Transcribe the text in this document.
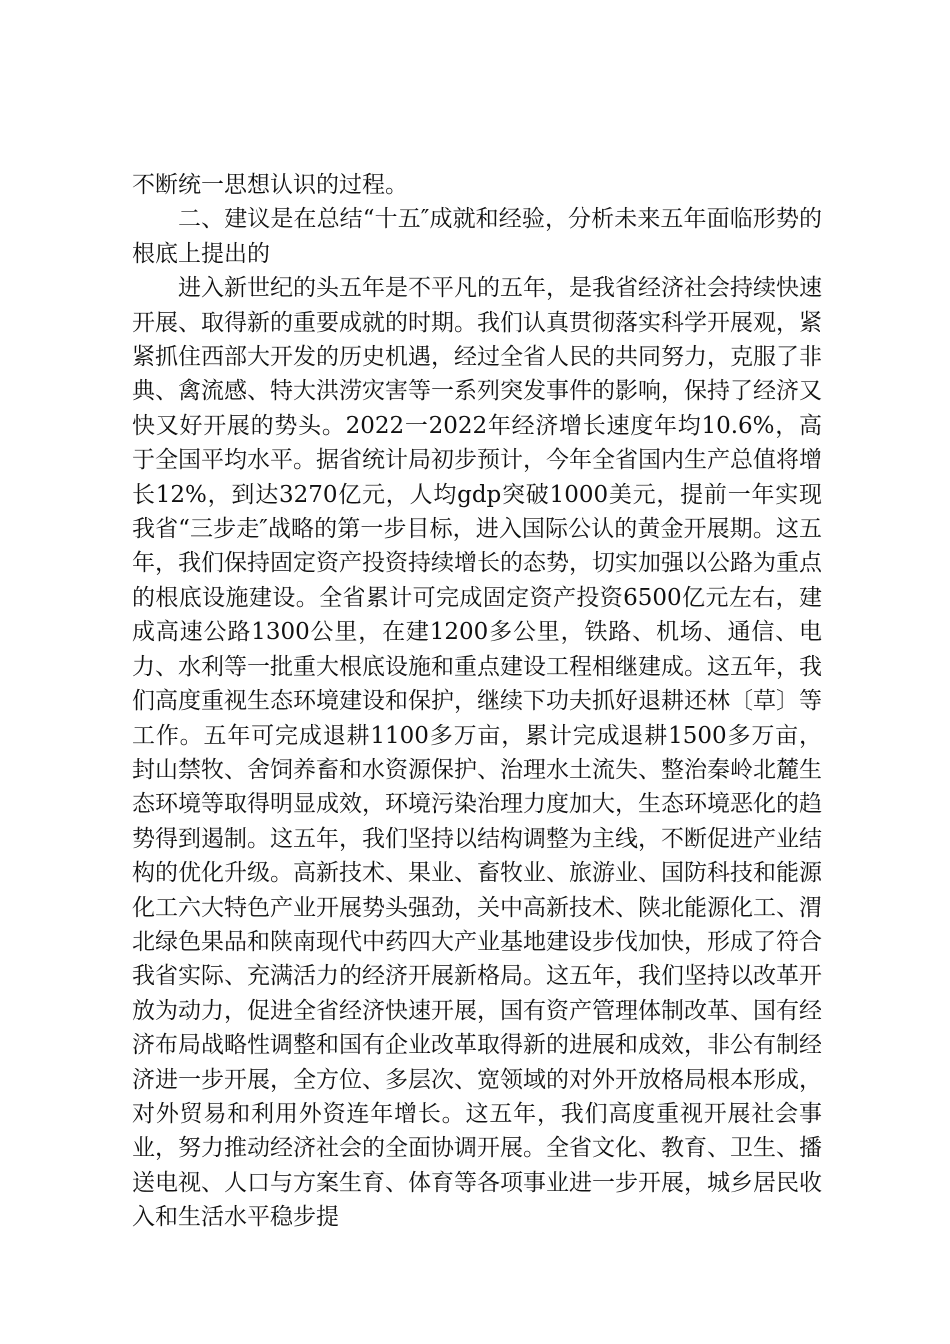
不断统一思想认识的过程。

二、建议是在总结“十五″成就和经验，分析未来五年面临形势的根底上提出的

进入新世纪的头五年是不平凡的五年，是我省经济社会持续快速开展、取得新的重要成就的时期。我们认真贯彻落实科学开展观，紧紧抓住西部大开发的历史机遇，经过全省人民的共同努力，克服了非典、禽流感、特大洪涝灾害等一系列突发事件的影响，保持了经济又快又好开展的势头。2022一2022年经济增长速度年均10.6%，高于全国平均水平。据省统计局初步预计，今年全省国内生产总值将增长12%，到达3270亿元，人均gdp突破1000美元，提前一年实现我省“三步走″战略的第一步目标，进入国际公认的黄金开展期。这五年，我们保持固定资产投资持续增长的态势，切实加强以公路为重点的根底设施建设。全省累计可完成固定资产投资6500亿元左右，建成高速公路1300公里，在建1200多公里，铁路、机场、通信、电力、水利等一批重大根底设施和重点建设工程相继建成。这五年，我们高度重视生态环境建设和保护，继续下功夫抓好退耕还林〔草〕等工作。五年可完成退耕1100多万亩，累计完成退耕1500多万亩，封山禁牧、舍饲养畜和水资源保护、治理水土流失、整治秦岭北麓生态环境等取得明显成效，环境污染治理力度加大，生态环境恶化的趋势得到遏制。这五年，我们坚持以结构调整为主线，不断促进产业结构的优化升级。高新技术、果业、畜牧业、旅游业、国防科技和能源化工六大特色产业开展势头强劲，关中高新技术、陕北能源化工、渭北绿色果品和陕南现代中药四大产业基地建设步伐加快，形成了符合我省实际、充满活力的经济开展新格局。这五年，我们坚持以改革开放为动力，促进全省经济快速开展，国有资产管理体制改革、国有经济布局战略性调整和国有企业改革取得新的进展和成效，非公有制经济进一步开展，全方位、多层次、宽领域的对外开放格局根本形成，对外贸易和利用外资连年增长。这五年，我们高度重视开展社会事业，努力推动经济社会的全面协调开展。全省文化、教育、卫生、播送电视、人口与方案生育、体育等各项事业进一步开展，城乡居民收入和生活水平稳步提
